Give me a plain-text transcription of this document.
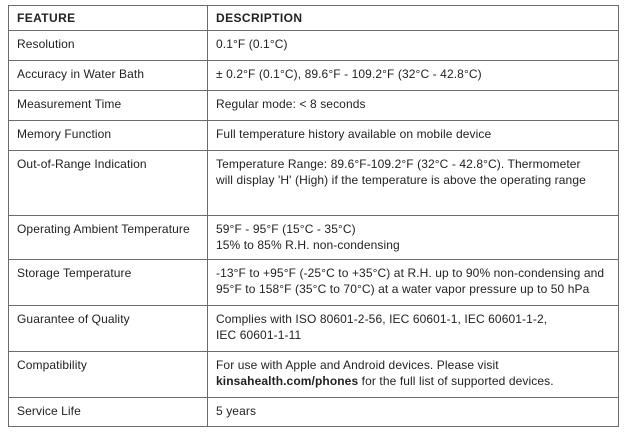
FEATURE	DESCRIPTION
Resolution	0.1°F (0.1°C)

Accuracy in Water Bath	± 0.2°F (0.1°C), 89.6°F - 109.2°F (32°C - 42.8°C)

Measurement Time	Regular mode: < 8 seconds

Memory Function	Full temperature history available on mobile device

Out-of-Range Indication	Temperature Range: 89.6°F-109.2°F (32°C - 42.8°C). Thermometer
will display 'H' (High) if the temperature is above the operating range

Operating Ambient Temperature	59°F - 95°F (15°C - 35°C)
15% to 85% R.H. non-condensing

Storage Temperature	-13°F to +95°F (-25°C to +35°C) at R.H. up to 90% non-condensing and
95°F to 158°F (35°C to 70°C) at a water vapor pressure up to 50 hPa

Guarantee of Quality	Complies with ISO 80601-2-56, IEC 60601-1, IEC 60601-1-2,
IEC 60601-1-11

Compatibility	For use with Apple and Android devices. Please visit
kinsahealth.com/phones for the full list of supported devices.

Service Life	5 years
